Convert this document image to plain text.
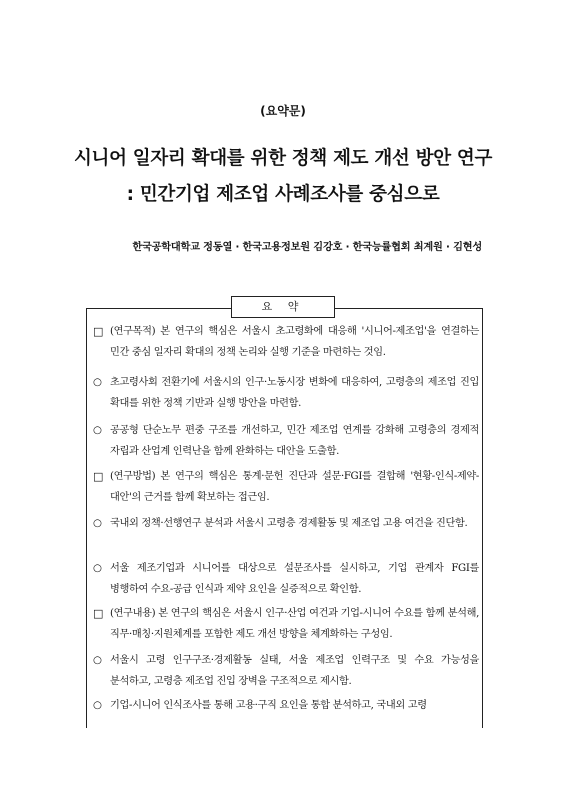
(요약문)
시니어 일자리 확대를 위한 정책 제도 개선 방안 연구
: 민간기업 제조업 사례조사를 중심으로
한국공학대학교 정동열 · 한국고용정보원 김강호 · 한국능률협회 최계원 · 김현성
요 약
□ (연구목적) 본 연구의 핵심은 서울시 초고령화에 대응해 '시니어-제조업'을 연결하는 민간 중심 일자리 확대의 정책 논리와 실행 기준을 마련하는 것임.
○ 초고령사회 전환기에 서울시의 인구·노동시장 변화에 대응하여, 고령층의 제조업 진입 확대를 위한 정책 기반과 실행 방안을 마련함.
○ 공공형 단순노무 편중 구조를 개선하고, 민간 제조업 연계를 강화해 고령층의 경제적 자립과 산업계 인력난을 함께 완화하는 대안을 도출함.
□ (연구방법) 본 연구의 핵심은 통계·문헌 진단과 설문·FGI를 결합해 '현황-인식-제약-대안'의 근거를 함께 확보하는 접근임.
○ 국내외 정책·선행연구 분석과 서울시 고령층 경제활동 및 제조업 고용 여건을 진단함.
○ 서울 제조기업과 시니어를 대상으로 설문조사를 실시하고, 기업 관계자 FGI를 병행하여 수요-공급 인식과 제약 요인을 실증적으로 확인함.
□ (연구내용) 본 연구의 핵심은 서울시 인구·산업 여건과 기업-시니어 수요를 함께 분석해, 직무·매칭·지원체계를 포함한 제도 개선 방향을 체계화하는 구성임.
○ 서울시 고령 인구구조·경제활동 실태, 서울 제조업 인력구조 및 수요 가능성을 분석하고, 고령층 제조업 진입 장벽을 구조적으로 제시함.
○ 기업-시니어 인식조사를 통해 고용·구직 요인을 통합 분석하고, 국내외 고령
